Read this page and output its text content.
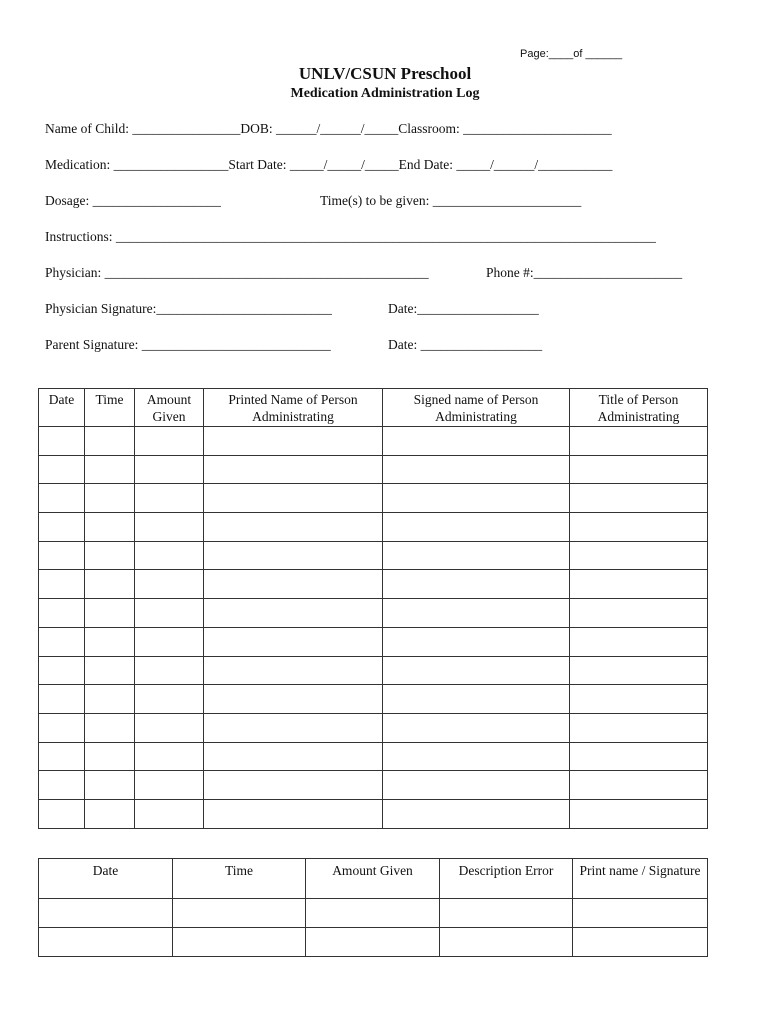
Page:____of ______
UNLV/CSUN Preschool
Medication Administration Log
Name of Child: ________________DOB: ______/______/_____Classroom: ______________________
Medication: _________________Start Date: _____/_____/_____End Date: _____/______/___________
Dosage: ___________________	Time(s) to be given: ______________________
Instructions: ________________________________________________________________________________
Physician: ________________________________________________	Phone #:______________________
Physician Signature:__________________________	Date:__________________
Parent Signature: ____________________________	Date: __________________
Date	Time	Amount Given	Printed Name of Person Administrating	Signed name of Person Administrating	Title of Person Administrating

Date	Time	Amount Given	Description Error	Print name / Signature
